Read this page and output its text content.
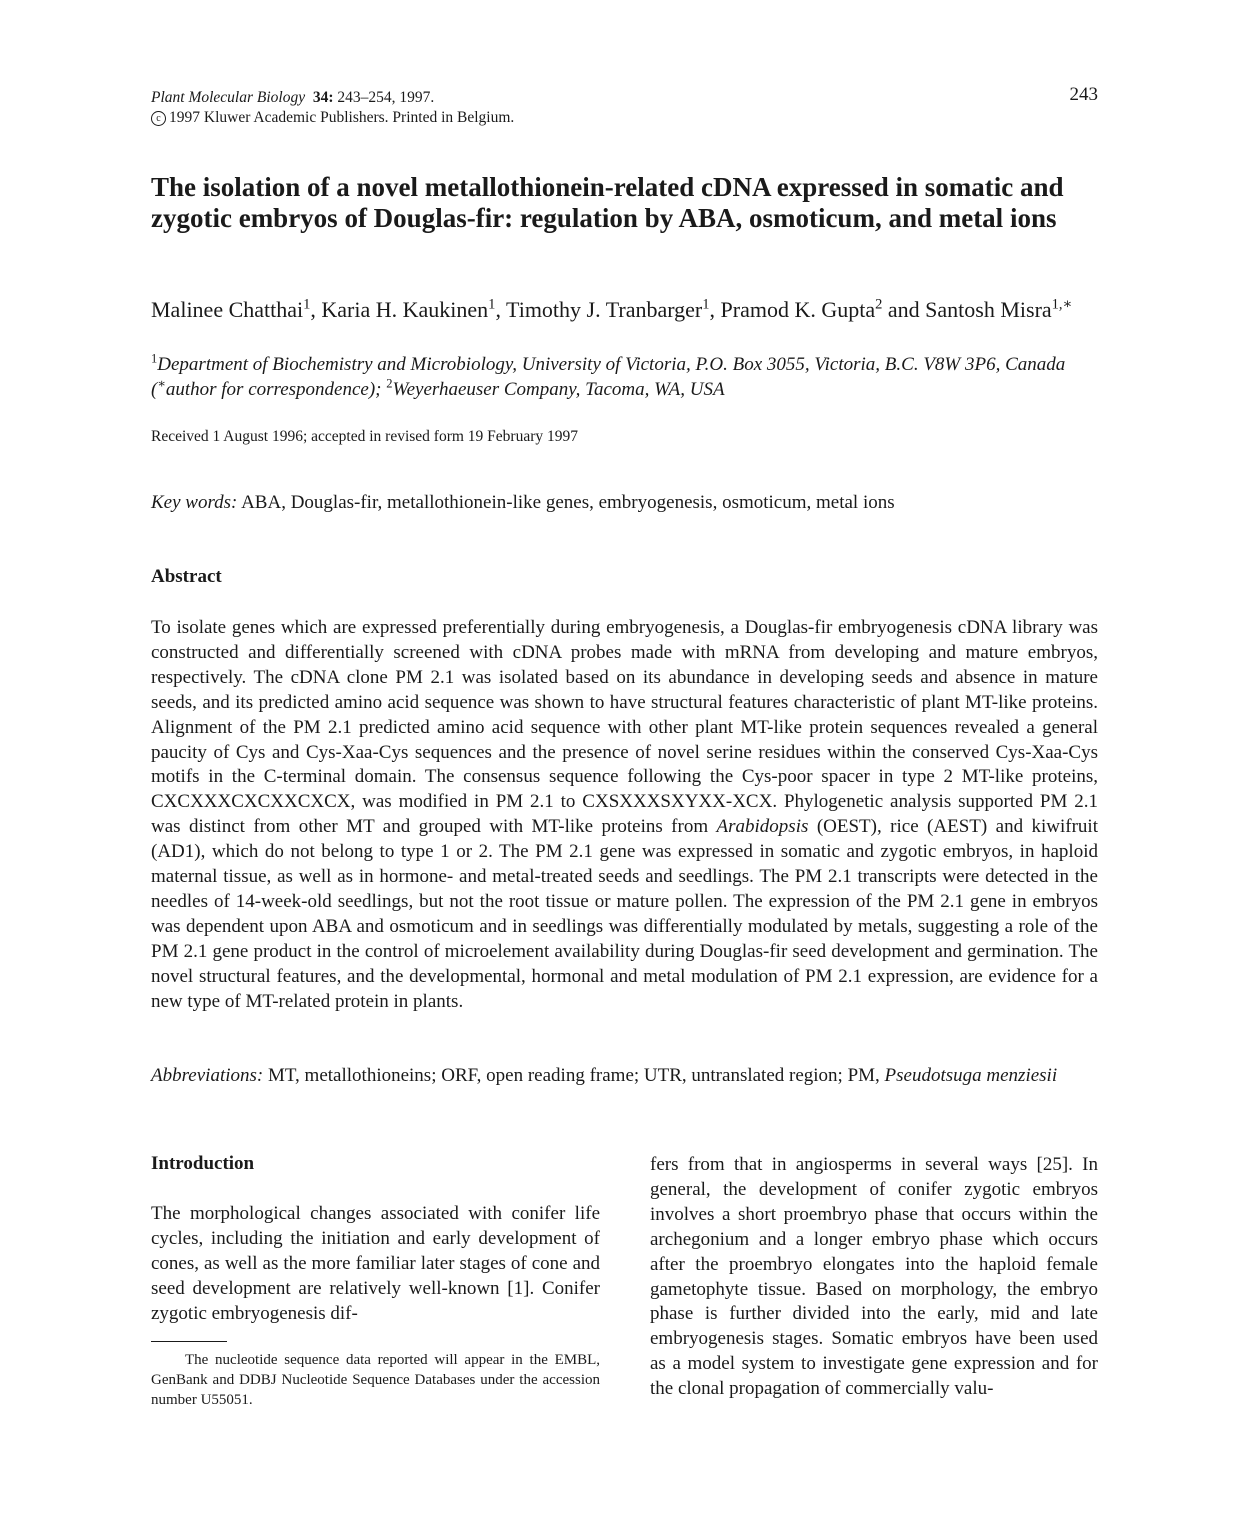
Plant Molecular Biology 34: 243–254, 1997.
c 1997 Kluwer Academic Publishers. Printed in Belgium.
243
The isolation of a novel metallothionein-related cDNA expressed in somatic and zygotic embryos of Douglas-fir: regulation by ABA, osmoticum, and metal ions
Malinee Chatthai$^1$, Karia H. Kaukinen$^1$, Timothy J. Tranbarger$^1$, Pramod K. Gupta$^2$ and Santosh Misra$^{1,∗}$
$^1$Department of Biochemistry and Microbiology, University of Victoria, P.O. Box 3055, Victoria, B.C. V8W 3P6, Canada (∗author for correspondence); $^2$Weyerhaeuser Company, Tacoma, WA, USA
Received 1 August 1996; accepted in revised form 19 February 1997
Key words: ABA, Douglas-fir, metallothionein-like genes, embryogenesis, osmoticum, metal ions
Abstract
To isolate genes which are expressed preferentially during embryogenesis, a Douglas-fir embryogenesis cDNA library was constructed and differentially screened with cDNA probes made with mRNA from developing and mature embryos, respectively. The cDNA clone PM 2.1 was isolated based on its abundance in developing seeds and absence in mature seeds, and its predicted amino acid sequence was shown to have structural features characteristic of plant MT-like proteins. Alignment of the PM 2.1 predicted amino acid sequence with other plant MT-like protein sequences revealed a general paucity of Cys and Cys-Xaa-Cys sequences and the presence of novel serine residues within the conserved Cys-Xaa-Cys motifs in the C-terminal domain. The consensus sequence following the Cys-poor spacer in type 2 MT-like proteins, CXCXXXCXCXXCXCX, was modified in PM 2.1 to CXSXXXSXYXX-XCX. Phylogenetic analysis supported PM 2.1 was distinct from other MT and grouped with MT-like proteins from Arabidopsis (OEST), rice (AEST) and kiwifruit (AD1), which do not belong to type 1 or 2. The PM 2.1 gene was expressed in somatic and zygotic embryos, in haploid maternal tissue, as well as in hormone- and metal-treated seeds and seedlings. The PM 2.1 transcripts were detected in the needles of 14-week-old seedlings, but not the root tissue or mature pollen. The expression of the PM 2.1 gene in embryos was dependent upon ABA and osmoticum and in seedlings was differentially modulated by metals, suggesting a role of the PM 2.1 gene product in the control of microelement availability during Douglas-fir seed development and germination. The novel structural features, and the developmental, hormonal and metal modulation of PM 2.1 expression, are evidence for a new type of MT-related protein in plants.
Abbreviations: MT, metallothioneins; ORF, open reading frame; UTR, untranslated region; PM, Pseudotsuga menziesii
Introduction
The morphological changes associated with conifer life cycles, including the initiation and early development of cones, as well as the more familiar later stages of cone and seed development are relatively well-known [1]. Conifer zygotic embryogenesis dif-
fers from that in angiosperms in several ways [25]. In general, the development of conifer zygotic embryos involves a short proembryo phase that occurs within the archegonium and a longer embryo phase which occurs after the proembryo elongates into the haploid female gametophyte tissue. Based on morphology, the embryo phase is further divided into the early, mid and late embryogenesis stages. Somatic embryos have been used as a model system to investigate gene expression and for the clonal propagation of commercially valu-
The nucleotide sequence data reported will appear in the EMBL, GenBank and DDBJ Nucleotide Sequence Databases under the accession number U55051.
